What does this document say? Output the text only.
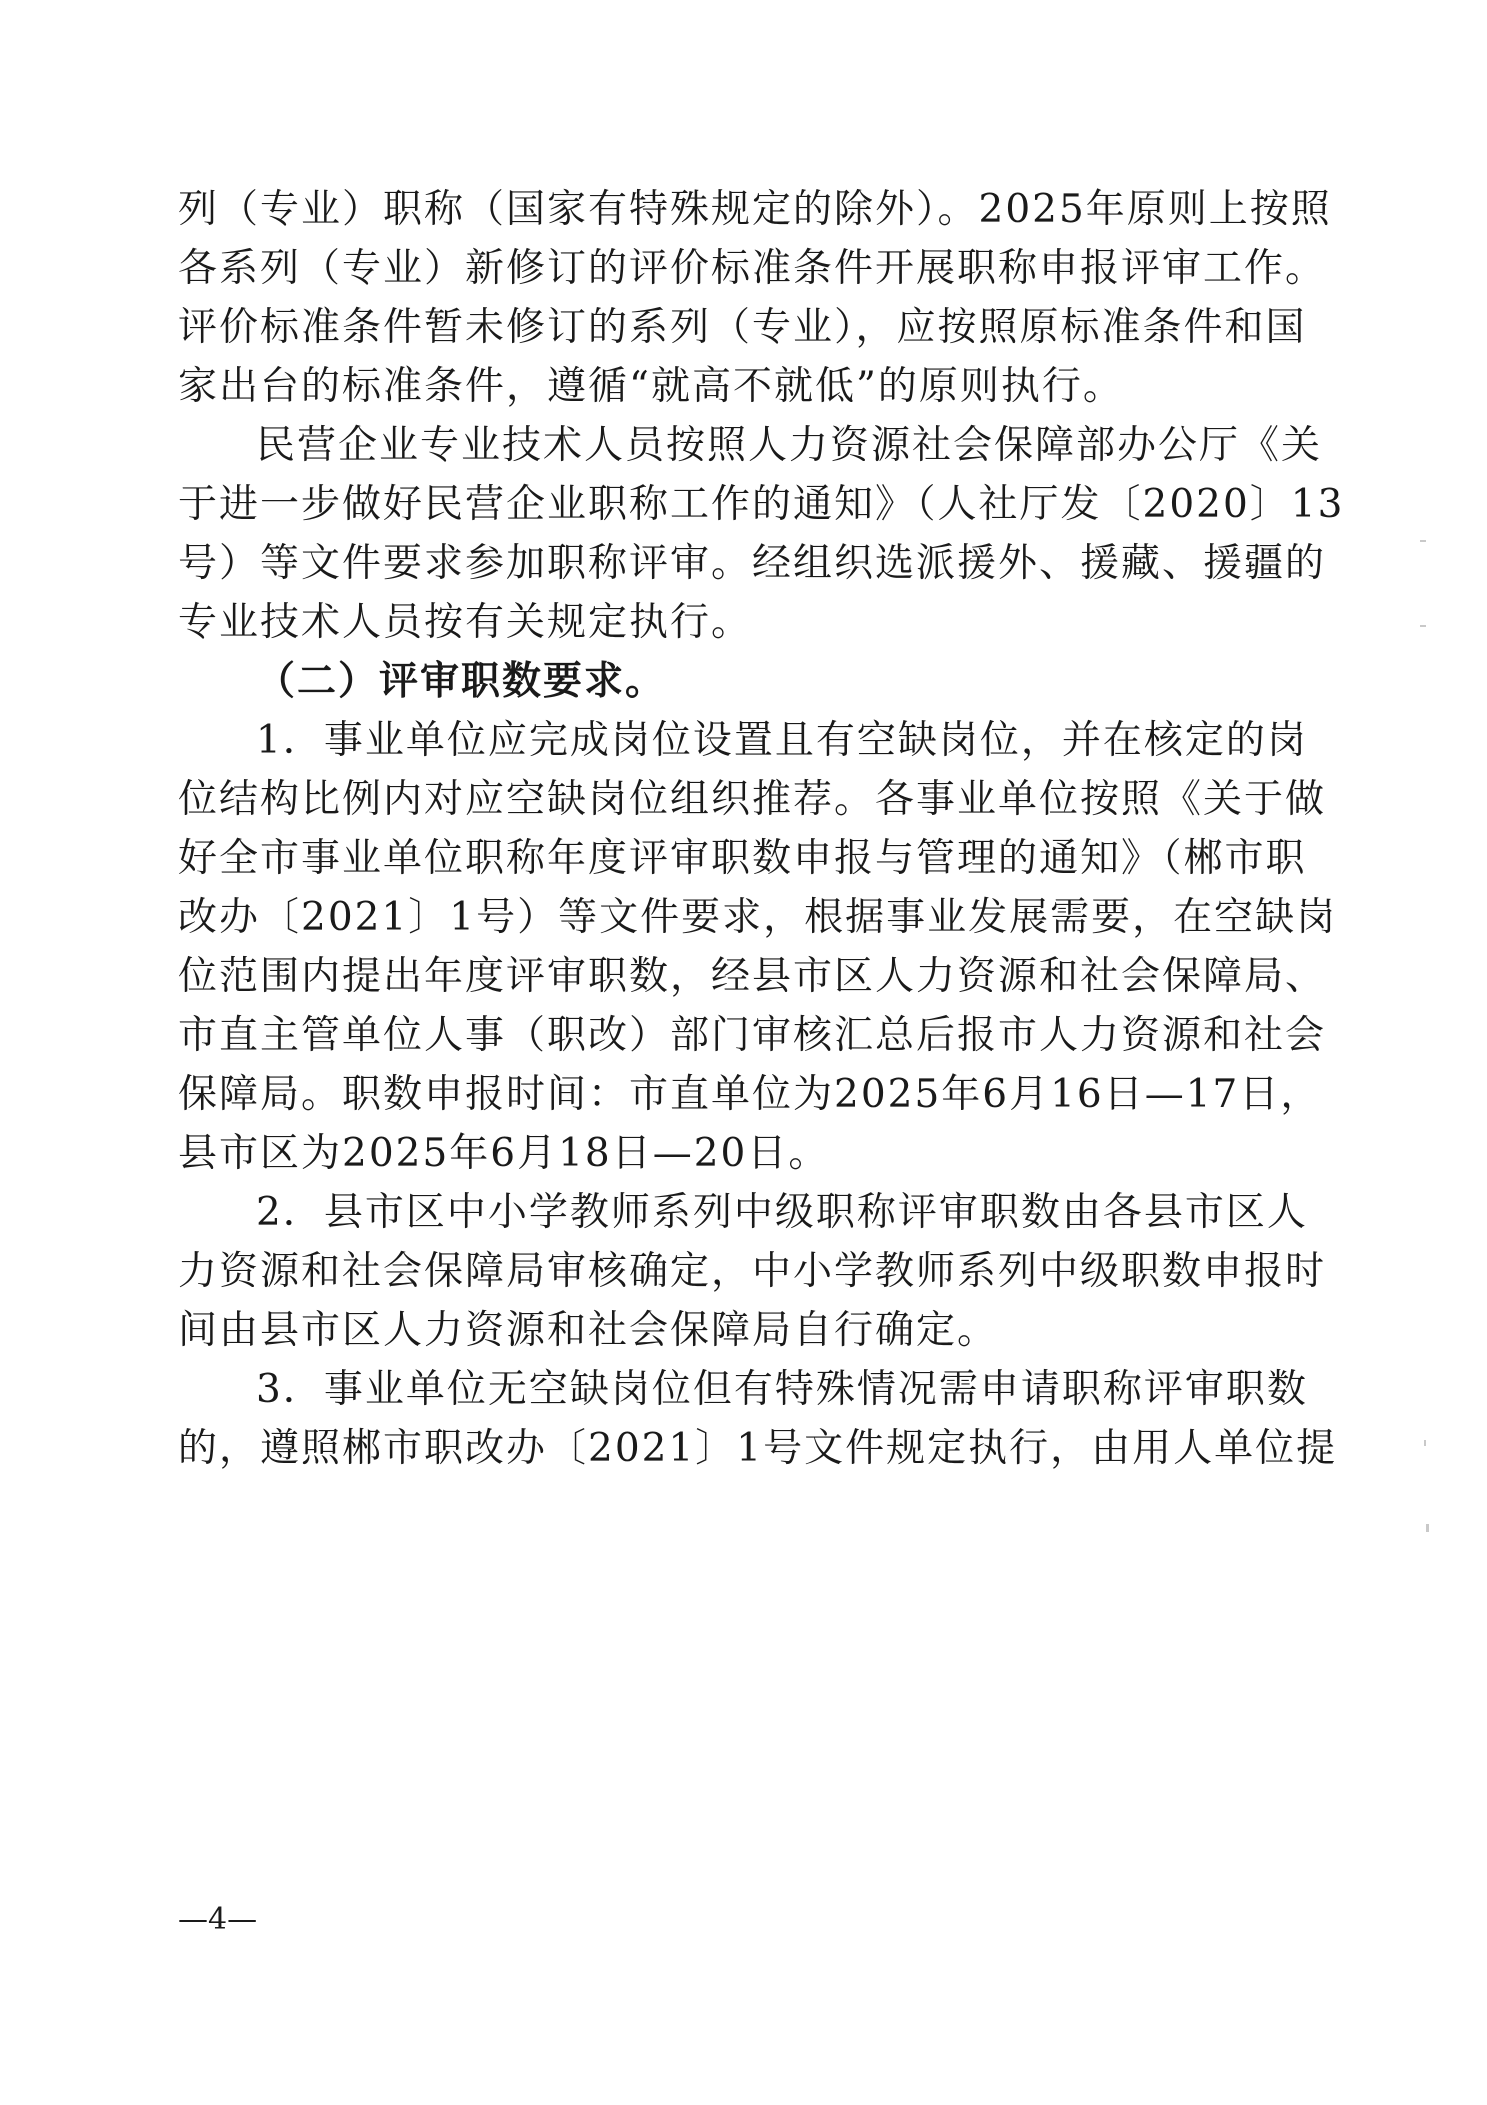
列（专业）职称（国家有特殊规定的除外）。2025年原则上按照
各系列（专业）新修订的评价标准条件开展职称申报评审工作。
评价标准条件暂未修订的系列（专业），应按照原标准条件和国
家出台的标准条件，遵循“就高不就低”的原则执行。
民营企业专业技术人员按照人力资源社会保障部办公厅《关
于进一步做好民营企业职称工作的通知》（人社厅发〔2020〕13
号）等文件要求参加职称评审。经组织选派援外、援藏、援疆的
专业技术人员按有关规定执行。
（二）评审职数要求。
1．事业单位应完成岗位设置且有空缺岗位，并在核定的岗
位结构比例内对应空缺岗位组织推荐。各事业单位按照《关于做
好全市事业单位职称年度评审职数申报与管理的通知》（郴市职
改办〔2021〕1号）等文件要求，根据事业发展需要，在空缺岗
位范围内提出年度评审职数，经县市区人力资源和社会保障局、
市直主管单位人事（职改）部门审核汇总后报市人力资源和社会
保障局。职数申报时间：市直单位为2025年6月16日—17日，
县市区为2025年6月18日—20日。
2．县市区中小学教师系列中级职称评审职数由各县市区人
力资源和社会保障局审核确定，中小学教师系列中级职数申报时
间由县市区人力资源和社会保障局自行确定。
3．事业单位无空缺岗位但有特殊情况需申请职称评审职数
的，遵照郴市职改办〔2021〕1号文件规定执行，由用人单位提
—4—
